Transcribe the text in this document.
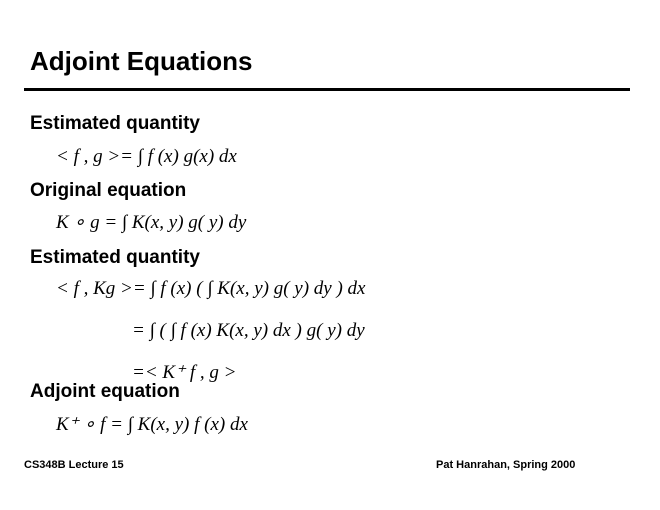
Adjoint Equations
Estimated quantity
< f , g >= ∫ f (x) g(x) dx
Original equation
K ∘ g = ∫ K(x, y) g( y) dy
Estimated quantity
< f , Kg >= ∫ f (x) ( ∫ K(x, y) g( y) dy ) dx
= ∫ ( ∫ f (x) K(x, y) dx ) g( y) dy
=< K⁺ f , g >
Adjoint equation
K⁺ ∘ f = ∫ K(x, y) f (x) dx
CS348B Lecture 15	Pat Hanrahan, Spring 2000
